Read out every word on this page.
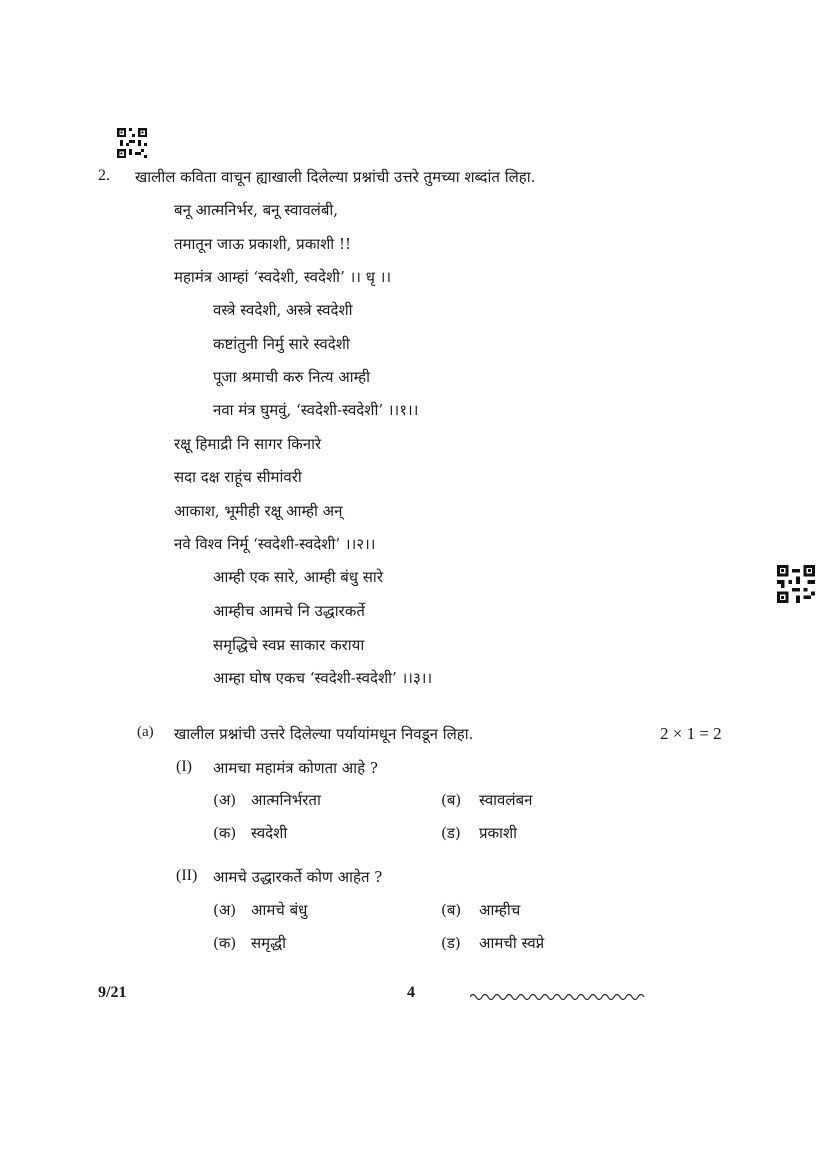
2. खालील कविता वाचून ह्याखाली दिलेल्या प्रश्नांची उत्तरे तुमच्या शब्दांत लिहा.
बनू आत्मनिर्भर, बनू स्वावलंबी,
तमातून जाऊ प्रकाशी, प्रकाशी !!
महामंत्र आम्हां ‘स्वदेशी, स्वदेशी’ ।। धृ ।।
वस्त्रे स्वदेशी, अस्त्रे स्वदेशी
कष्टांतुनी निर्मु सारे स्वदेशी
पूजा श्रमाची करु नित्य आम्ही
नवा मंत्र घुमवुं, ‘स्वदेशी-स्वदेशी’ ।।१।।
रक्षू हिमाद्री नि सागर किनारे
सदा दक्ष राहूंच सीमांवरी
आकाश, भूमीही रक्षू आम्ही अन्
नवे विश्व निर्मू ‘स्वदेशी-स्वदेशी’ ।।२।।
आम्ही एक सारे, आम्ही बंधु सारे
आम्हीच आमचे नि उद्धारकर्ते
समृद्धिचे स्वप्न साकार कराया
आम्हा घोष एकच ‘स्वदेशी-स्वदेशी’ ।।३।।
(a) खालील प्रश्नांची उत्तरे दिलेल्या पर्यायांमधून निवडून लिहा.	2 × 1 = 2
(I) आमचा महामंत्र कोणता आहे ?
(अ) आत्मनिर्भरता	(ब) स्वावलंबन
(क) स्वदेशी	(ड) प्रकाशी
(II) आमचे उद्धारकर्ते कोण आहेत ?
(अ) आमचे बंधु	(ब) आम्हीच
(क) समृद्धी	(ड) आमची स्वप्ने
9/21	4
